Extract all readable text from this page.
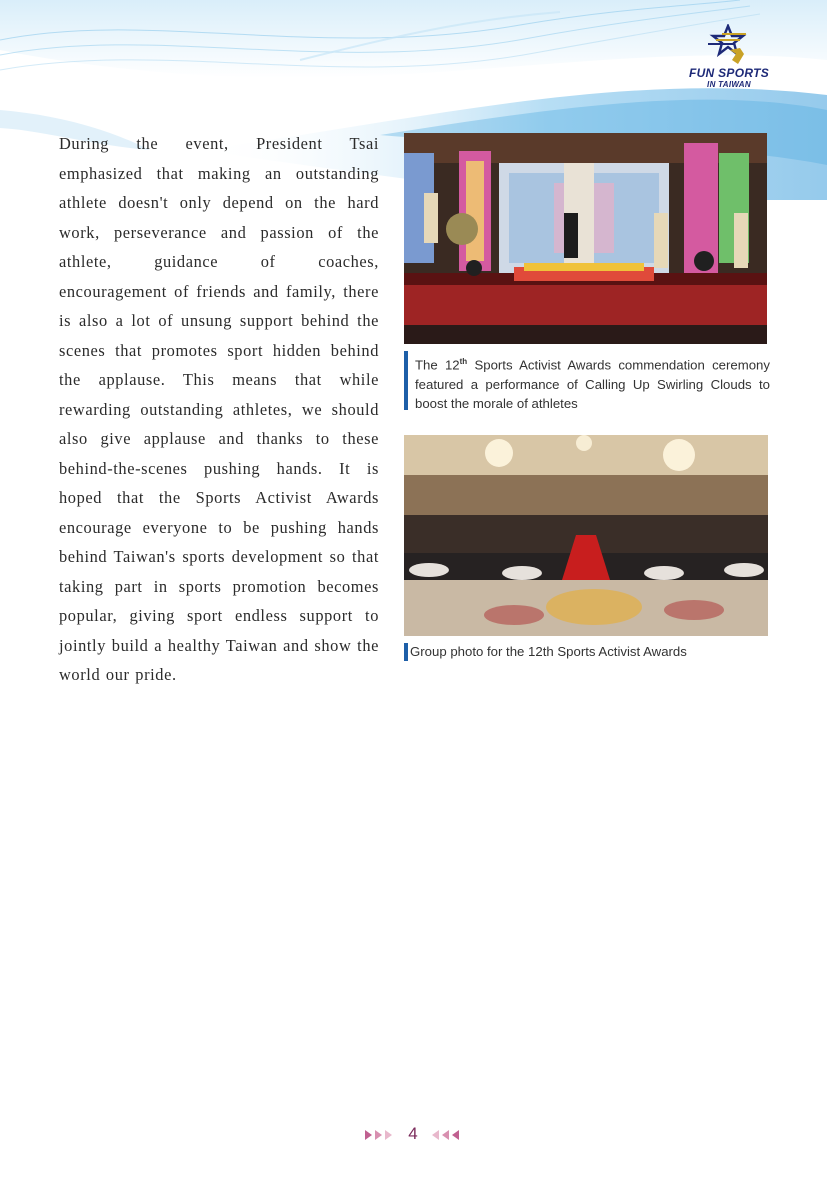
FUN SPORTS
IN TAIWAN

During the event, President Tsai emphasized that making an outstanding athlete doesn't only depend on the hard work, perseverance and passion of the athlete, guidance of coaches, encouragement of friends and family, there is also a lot of unsung support behind the scenes that promotes sport hidden behind the applause. This means that while rewarding outstanding athletes, we should also give applause and thanks to these behind-the-scenes pushing hands. It is hoped that the Sports Activist Awards encourage everyone to be pushing hands behind Taiwan's sports development so that taking part in sports promotion becomes popular, giving sport endless support to jointly build a healthy Taiwan and show the world our pride.

The 12th Sports Activist Awards commendation ceremony featured a performance of Calling Up Swirling Clouds to boost the morale of athletes
Group photo for the 12th Sports Activist Awards
4
